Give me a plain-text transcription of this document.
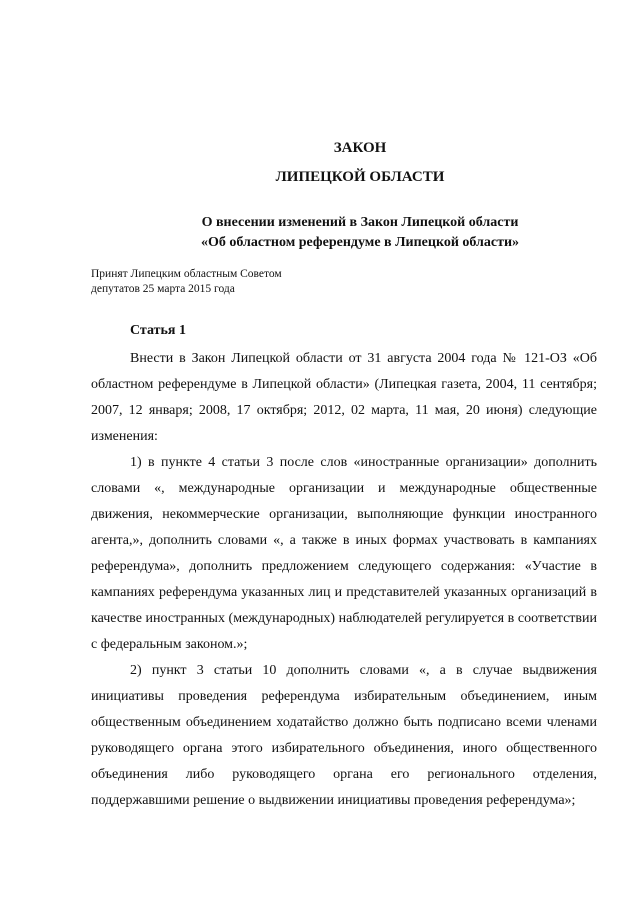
ЗАКОН
ЛИПЕЦКОЙ ОБЛАСТИ
О внесении изменений в Закон Липецкой области
«Об областном референдуме в Липецкой области»
Принят Липецким областным Советом
депутатов 25 марта 2015 года
Статья 1

Внести в Закон Липецкой области от 31 августа 2004 года № 121-ОЗ «Об областном референдуме в Липецкой области» (Липецкая газета, 2004, 11 сентября; 2007, 12 января; 2008, 17 октября; 2012, 02 марта, 11 мая, 20 июня) следующие изменения:

1) в пункте 4 статьи 3 после слов «иностранные организации» дополнить словами «, международные организации и международные общественные движения, некоммерческие организации, выполняющие функции иностранного агента,», дополнить словами «, а также в иных формах участвовать в кампаниях референдума», дополнить предложением следующего содержания: «Участие в кампаниях референдума указанных лиц и представителей указанных организаций в качестве иностранных (международных) наблюдателей регулируется в соответствии с федеральным законом.»;

2) пункт 3 статьи 10 дополнить словами «, а в случае выдвижения инициативы проведения референдума избирательным объединением, иным общественным объединением ходатайство должно быть подписано всеми членами руководящего органа этого избирательного объединения, иного общественного объединения либо руководящего органа его регионального отделения, поддержавшими решение о выдвижении инициативы проведения референдума»;
